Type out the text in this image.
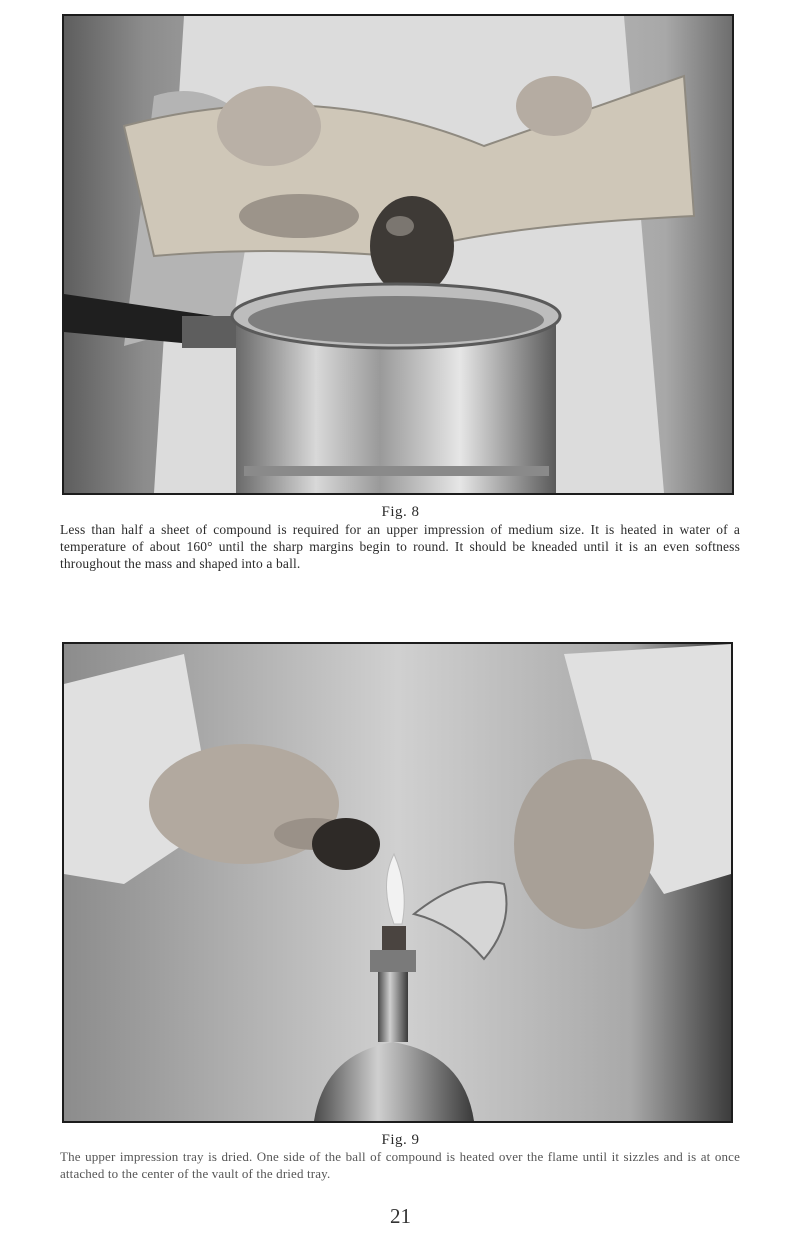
Fig. 8
Less than half a sheet of compound is required for an upper impression of medium size. It is heated in water of a temperature of about 160° until the sharp margins begin to round. It should be kneaded until it is an even softness throughout the mass and shaped into a ball.
Fig. 9
The upper impression tray is dried. One side of the ball of compound is heated over the flame until it sizzles and is at once attached to the center of the vault of the dried tray.
21
